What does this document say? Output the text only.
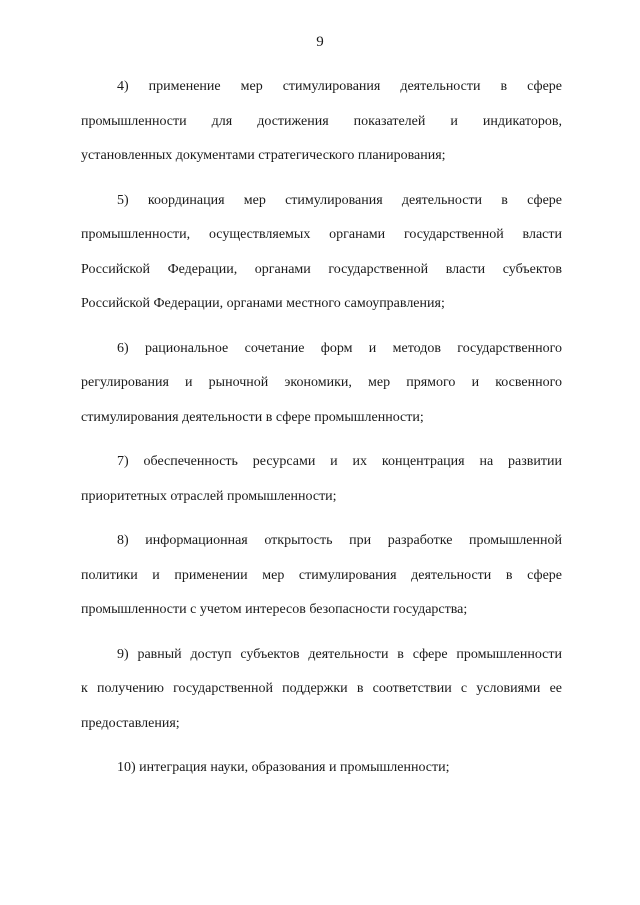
9

4) применение мер стимулирования деятельности в сфере
промышленности для достижения показателей и индикаторов,
установленных документами стратегического планирования;

5) координация мер стимулирования деятельности в сфере
промышленности, осуществляемых органами государственной власти
Российской Федерации, органами государственной власти субъектов
Российской Федерации, органами местного самоуправления;

6) рациональное сочетание форм и методов государственного
регулирования и рыночной экономики, мер прямого и косвенного
стимулирования деятельности в сфере промышленности;

7) обеспеченность ресурсами и их концентрация на развитии
приоритетных отраслей промышленности;

8) информационная открытость при разработке промышленной
политики и применении мер стимулирования деятельности в сфере
промышленности с учетом интересов безопасности государства;

9) равный доступ субъектов деятельности в сфере промышленности
к получению государственной поддержки в соответствии с условиями ее
предоставления;

10) интеграция науки, образования и промышленности;
